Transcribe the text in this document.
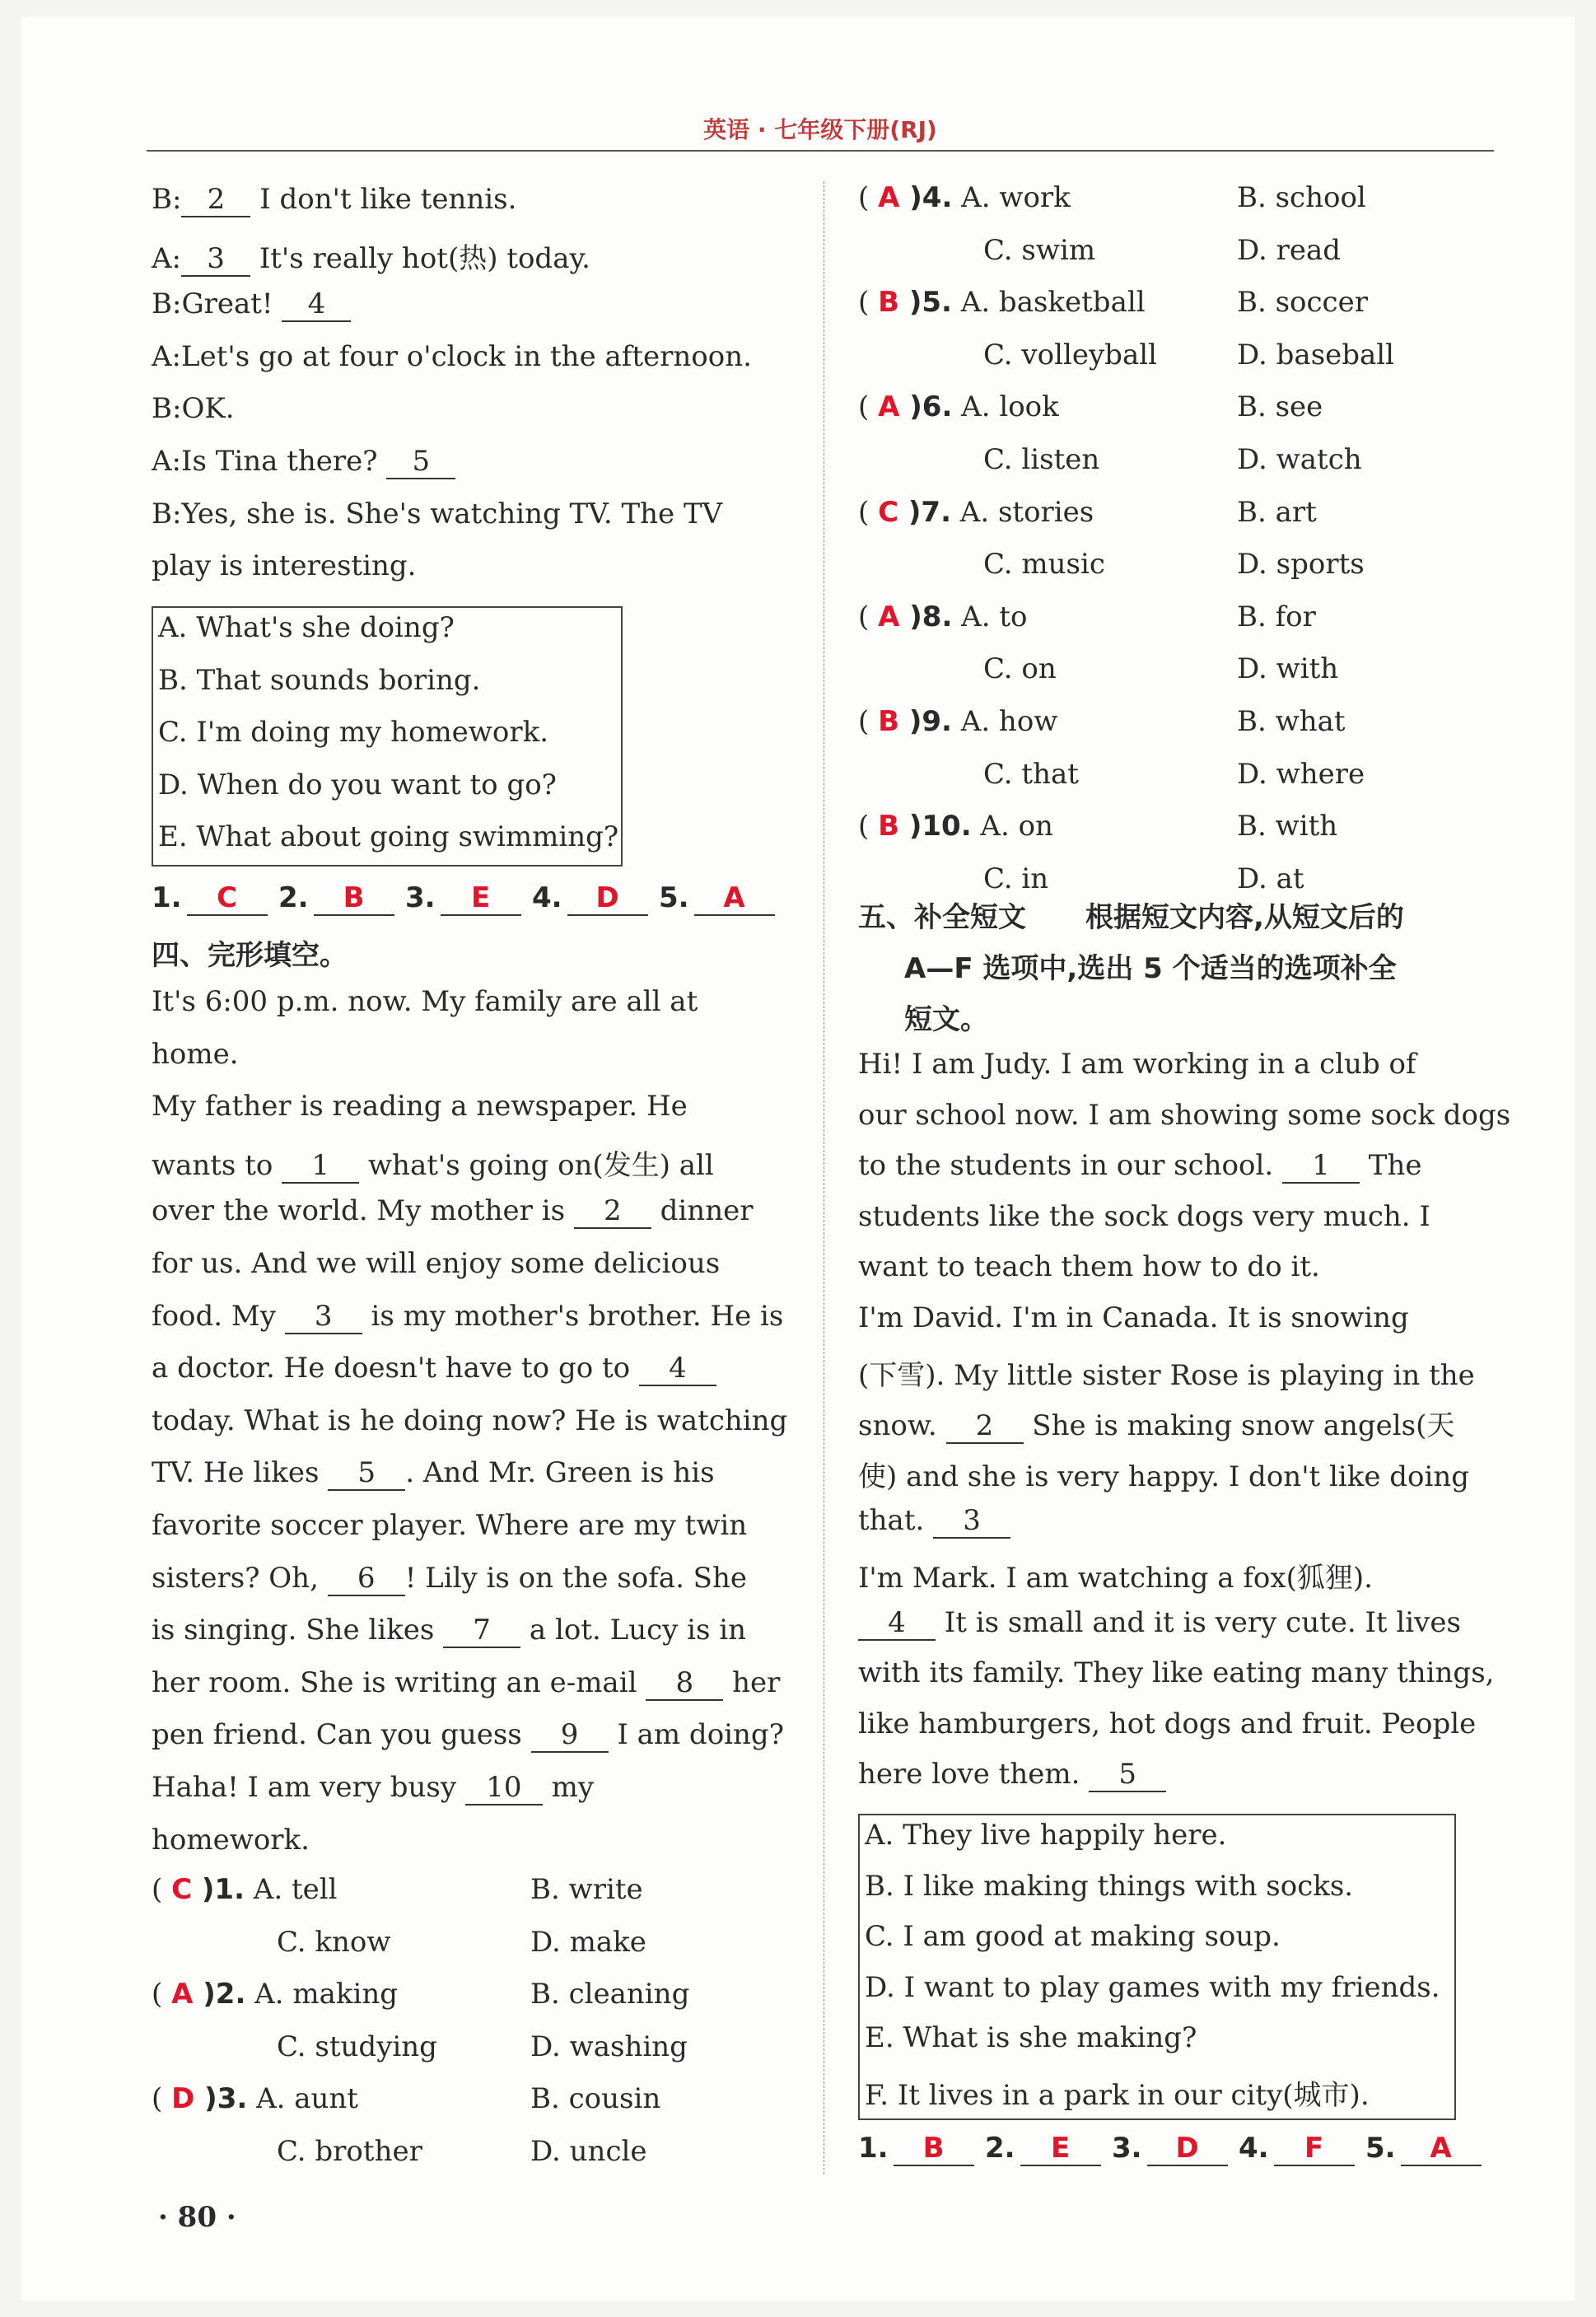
英语 · 七年级下册(RJ)
· 80 ·
B: 2 I don't like tennis.
A: 3 It's really hot(热) today.
B:Great! 4
A:Let's go at four o'clock in the afternoon.
B:OK.
A:Is Tina there? 5
B:Yes, she is. She's watching TV. The TV
play is interesting.
A. What's she doing?
B. That sounds boring.
C. I'm doing my homework.
D. When do you want to go?
E. What about going swimming?
1. C	2. B	3. E	4. D	5. A
四、完形填空。
It's 6:00 p.m. now. My family are all at
home.
My father is reading a newspaper. He
wants to 1 what's going on(发生) all
over the world. My mother is 2 dinner
for us. And we will enjoy some delicious
food. My 3 is my mother's brother. He is
a doctor. He doesn't have to go to 4
today. What is he doing now? He is watching
TV. He likes 5 . And Mr. Green is his
favorite soccer player. Where are my twin
sisters? Oh, 6 ! Lily is on the sofa. She
is singing. She likes 7 a lot. Lucy is in
her room. She is writing an e-mail 8 her
pen friend. Can you guess 9 I am doing?
Haha! I am very busy 10 my
homework.
( C )1. A. tell	B. write
C. know	D. make
( A )2. A. making	B. cleaning
C. studying	D. washing
( D )3. A. aunt	B. cousin
C. brother	D. uncle
( A )4. A. work	B. school
C. swim	D. read
( B )5. A. basketball	B. soccer
C. volleyball	D. baseball
( A )6. A. look	B. see
C. listen	D. watch
( C )7. A. stories	B. art
C. music	D. sports
( A )8. A. to	B. for
C. on	D. with
( B )9. A. how	B. what
C. that	D. where
( B )10. A. on	B. with
C. in	D. at
五、补全短文 根据短文内容,从短文后的
A—F 选项中,选出 5 个适当的选项补全
短文。
Hi! I am Judy. I am working in a club of
our school now. I am showing some sock dogs
to the students in our school. 1 The
students like the sock dogs very much. I
want to teach them how to do it.
I'm David. I'm in Canada. It is snowing
(下雪). My little sister Rose is playing in the
snow. 2 She is making snow angels(天
使) and she is very happy. I don't like doing
that. 3
I'm Mark. I am watching a fox(狐狸).
4 It is small and it is very cute. It lives
with its family. They like eating many things,
like hamburgers, hot dogs and fruit. People
here love them. 5
A. They live happily here.
B. I like making things with socks.
C. I am good at making soup.
D. I want to play games with my friends.
E. What is she making?
F. It lives in a park in our city(城市).
1. B	2. E	3. D	4. F	5. A
